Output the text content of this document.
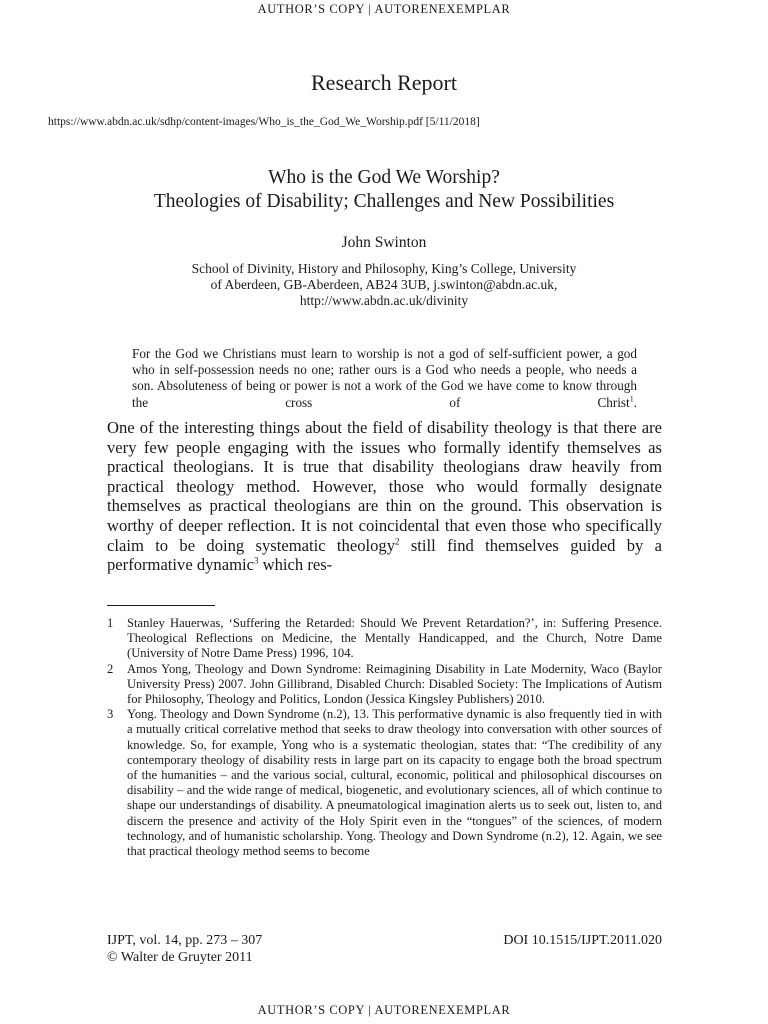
AUTHOR’S COPY | AUTORENEXEMPLAR
Research Report
https://www.abdn.ac.uk/sdhp/content-images/Who_is_the_God_We_Worship.pdf [5/11/2018]
Who is the God We Worship?
Theologies of Disability; Challenges and New Possibilities
John Swinton
School of Divinity, History and Philosophy, King’s College, University
of Aberdeen, GB-Aberdeen, AB24 3UB, j.swinton@abdn.ac.uk,
http://www.abdn.ac.uk/divinity
For the God we Christians must learn to worship is not a god of self-sufficient power, a god who in self-possession needs no one; rather ours is a God who needs a people, who needs a son. Absoluteness of being or power is not a work of the God we have come to know through the cross of Christ$^1$.

One of the interesting things about the field of disability theology is that there are very few people engaging with the issues who formally identify themselves as practical theologians. It is true that disability theologians draw heavily from practical theology method. However, those who would formally designate themselves as practical theologians are thin on the ground. This observation is worthy of deeper reflection. It is not coincidental that even those who specifically claim to be doing systematic theology$^2$ still find themselves guided by a performative dynamic$^3$ which res-

1 Stanley Hauerwas, ‘Suffering the Retarded: Should We Prevent Retardation?’, in: Suffering Presence. Theological Reflections on Medicine, the Mentally Handicapped, and the Church, Notre Dame (University of Notre Dame Press) 1996, 104.
2 Amos Yong, Theology and Down Syndrome: Reimagining Disability in Late Modernity, Waco (Baylor University Press) 2007. John Gillibrand, Disabled Church: Disabled Society: The Implications of Autism for Philosophy, Theology and Politics, London (Jessica Kingsley Publishers) 2010.
3 Yong. Theology and Down Syndrome (n.2), 13. This performative dynamic is also frequently tied in with a mutually critical correlative method that seeks to draw theology into conversation with other sources of knowledge. So, for example, Yong who is a systematic theologian, states that: “The credibility of any contemporary theology of disability rests in large part on its capacity to engage both the broad spectrum of the humanities – and the various social, cultural, economic, political and philosophical discourses on disability – and the wide range of medical, biogenetic, and evolutionary sciences, all of which continue to shape our understandings of disability. A pneumatological imagination alerts us to seek out, listen to, and discern the presence and activity of the Holy Spirit even in the “tongues” of the sciences, of modern technology, and of humanistic scholarship. Yong. Theology and Down Syndrome (n.2), 12. Again, we see that practical theology method seems to become
IJPT, vol. 14, pp. 273 – 307
© Walter de Gruyter 2011
DOI 10.1515/IJPT.2011.020
AUTHOR’S COPY | AUTORENEXEMPLAR
